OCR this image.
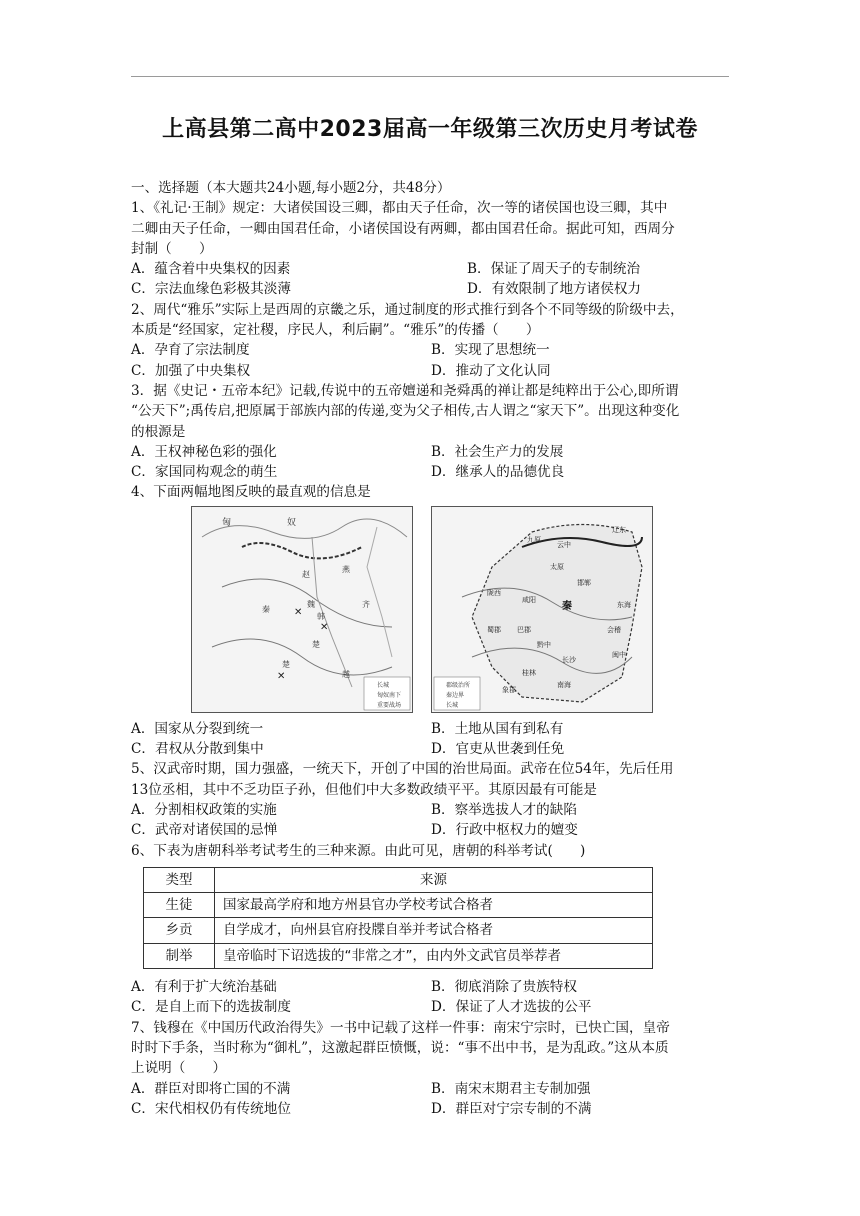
上高县第二高中2023届高一年级第三次历史月考试卷

一、选择题（本大题共24小题,每小题2分，共48分）

1、《礼记·王制》规定：大诸侯国设三卿，都由天子任命，次一等的诸侯国也设三卿，其中

二卿由天子任命，一卿由国君任命，小诸侯国设有两卿，都由国君任命。据此可知，西周分

封制（　　）

A．蕴含着中央集权的因素	B．保证了周天子的专制统治
C．宗法血缘色彩极其淡薄	D．有效限制了地方诸侯权力

2、周代“雅乐”实际上是西周的京畿之乐，通过制度的形式推行到各个不同等级的阶级中去，

本质是“经国家，定社稷，序民人，利后嗣”。“雅乐”的传播（　　）

A．孕育了宗法制度	B．实现了思想统一
C．加强了中央集权	D．推动了文化认同

3．据《史记・五帝本纪》记载,传说中的五帝嬗递和尧舜禹的禅让都是纯粹出于公心,即所谓

“公天下”;禹传启,把原属于部族内部的传递,变为父子相传,古人谓之“家天下”。出现这种变化

的根源是

A．王权神秘色彩的强化	B．社会生产力的发展
C．家国同构观念的萌生	D．继承人的品德优良

4、下面两幅地图反映的最直观的信息是

匈	奴
燕
赵
魏
韩
秦
齐
楚
楚
越
✕
✕
✕
长城
匈奴南下
重要战场
九原
云中
太原
邯郸
咸阳
秦
陇西
蜀郡 巴郡
黔中
长沙
会稽
闽中
南海
桂林
象郡
东海
辽东
郡级治所
秦边界
长城
A．国家从分裂到统一	B．土地从国有到私有
C．君权从分散到集中	D．官吏从世袭到任免

5、汉武帝时期，国力强盛，一统天下，开创了中国的治世局面。武帝在位54年，先后任用

13位丞相，其中不乏功臣子孙，但他们中大多数政绩平平。其原因最有可能是

A．分割相权政策的实施	B．察举选拔人才的缺陷
C．武帝对诸侯国的忌惮	D．行政中枢权力的嬗变

6、下表为唐朝科举考试考生的三种来源。由此可见，唐朝的科举考试(　　)

类型	来源
生徒	国家最高学府和地方州县官办学校考试合格者
乡贡	自学成才，向州县官府投牒自举并考试合格者
制举	皇帝临时下诏选拔的“非常之才”，由内外文武官员举荐者
A．有利于扩大统治基础	B．彻底消除了贵族特权
C．是自上而下的选拔制度	D．保证了人才选拔的公平

7、钱穆在《中国历代政治得失》一书中记载了这样一件事：南宋宁宗时，已快亡国，皇帝

时时下手条，当时称为“御札”，这激起群臣愤慨，说：“事不出中书，是为乱政。”这从本质

上说明（　　）

A．群臣对即将亡国的不满	B．南宋末期君主专制加强
C．宋代相权仍有传统地位	D．群臣对宁宗专制的不满
